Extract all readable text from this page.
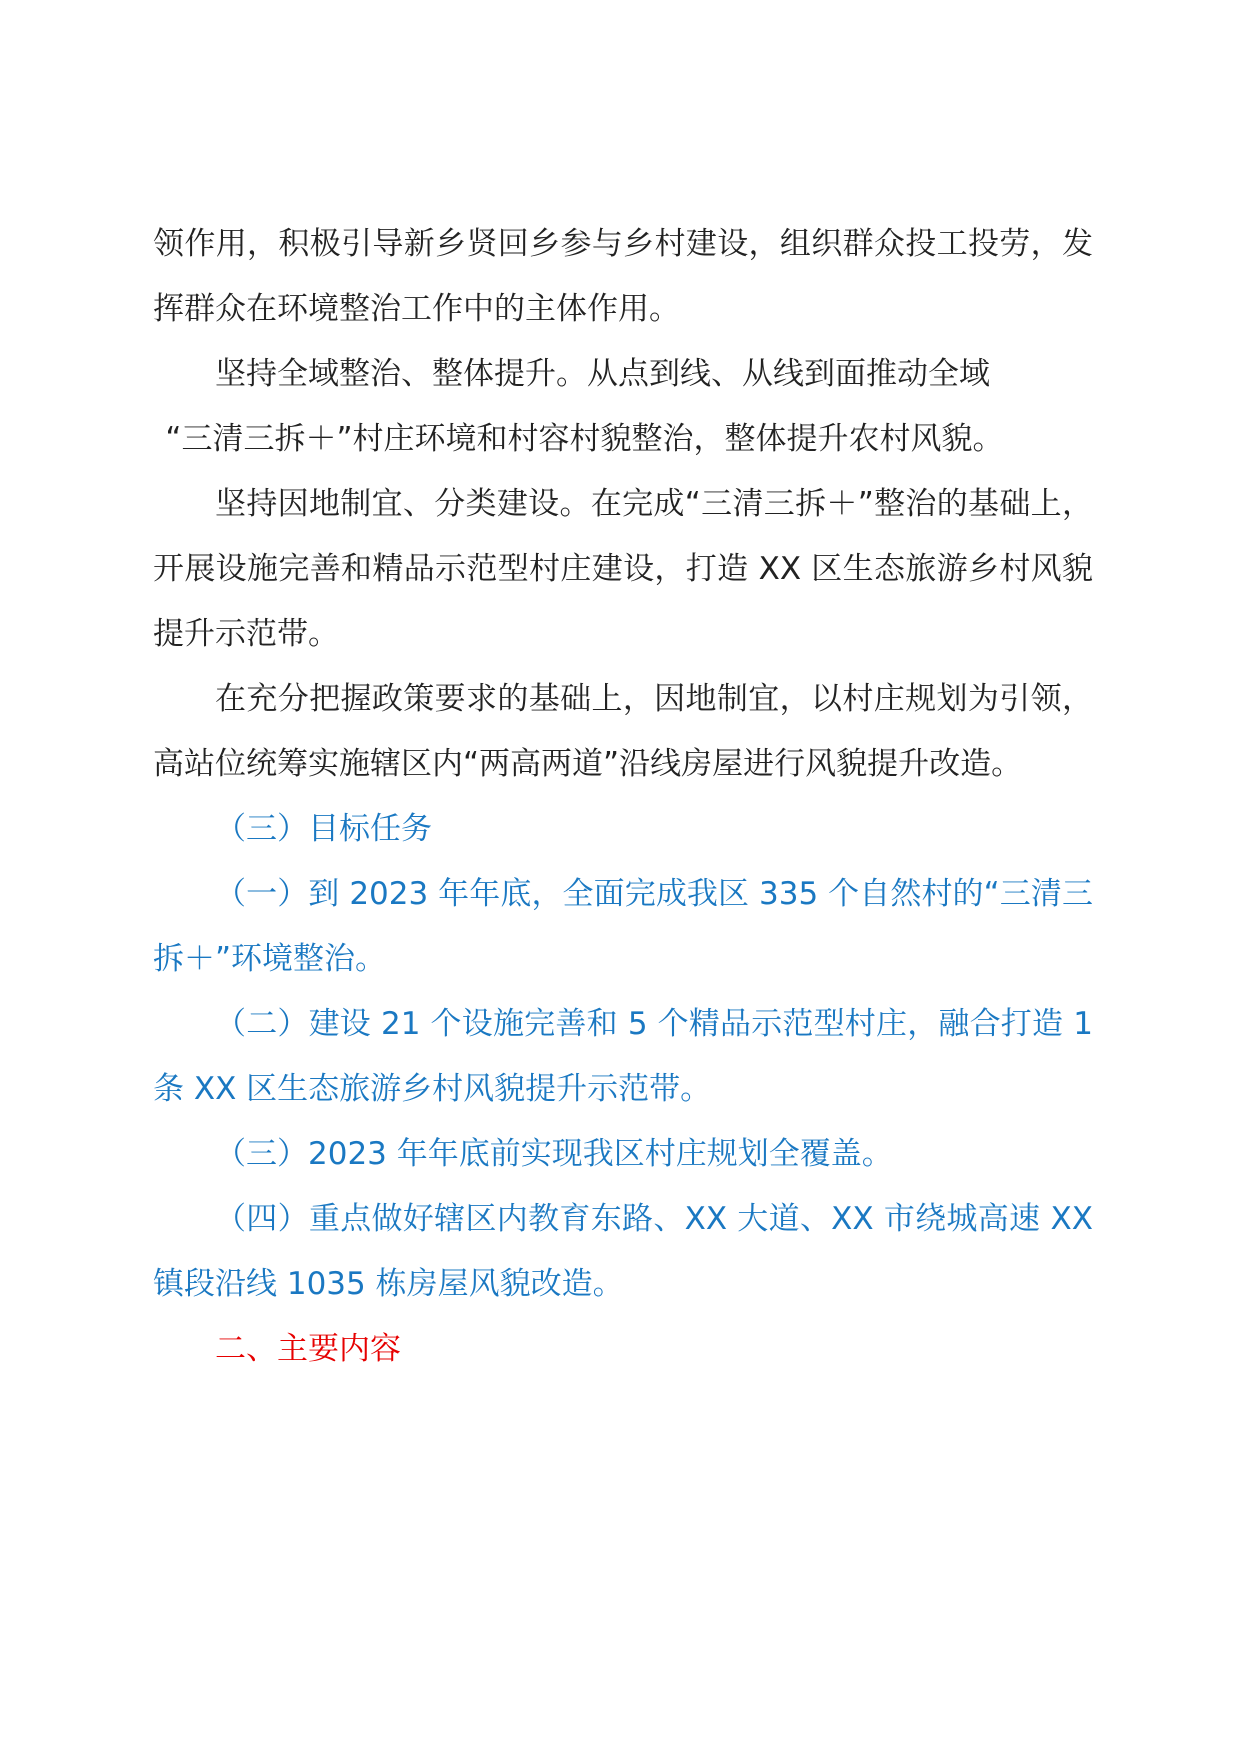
领作用，积极引导新乡贤回乡参与乡村建设，组织群众投工投劳，发挥群众在环境整治工作中的主体作用。

坚持全域整治、整体提升。从点到线、从线到面推动全域

“三清三拆＋”村庄环境和村容村貌整治，整体提升农村风貌。

坚持因地制宜、分类建设。在完成“三清三拆＋”整治的基础上，开展设施完善和精品示范型村庄建设，打造 XX 区生态旅游乡村风貌提升示范带。

在充分把握政策要求的基础上，因地制宜，以村庄规划为引领，高站位统筹实施辖区内“两高两道”沿线房屋进行风貌提升改造。

（三）目标任务

（一）到 2023 年年底，全面完成我区 335 个自然村的“三清三拆＋”环境整治。

（二）建设 21 个设施完善和 5 个精品示范型村庄，融合打造 1 条 XX 区生态旅游乡村风貌提升示范带。

（三）2023 年年底前实现我区村庄规划全覆盖。

（四）重点做好辖区内教育东路、XX 大道、XX 市绕城高速 XX 镇段沿线 1035 栋房屋风貌改造。

二、主要内容
